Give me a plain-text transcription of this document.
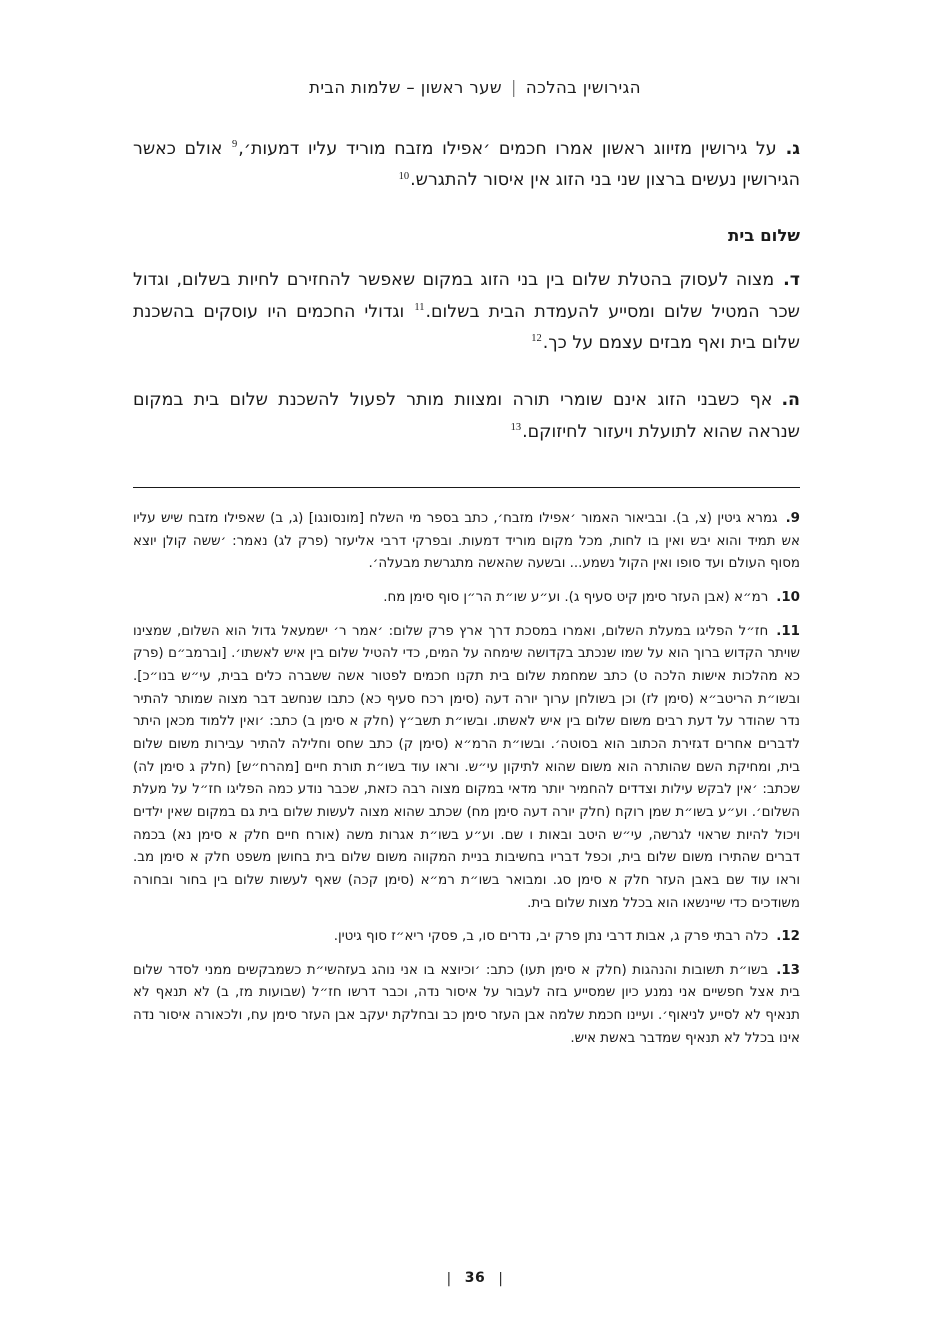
הגירושין בהלכה|שער ראשון – שלמות הבית

ג.על גירושין מזיווג ראשון אמרו חכמים ׳אפילו מזבח מוריד עליו דמעות׳,$^9$ אולם כאשר הגירושין נעשים ברצון שני בני הזוג אין איסור להתגרש.$^{10}$

שלום בית

ד.מצוה לעסוק בהטלת שלום בין בני הזוג במקום שאפשר להחזירם לחיות בשלום, וגדול שכר המטיל שלום ומסייע להעמדת הבית בשלום.$^{11}$ וגדולי החכמים היו עוסקים בהשכנת שלום בית ואף מבזים עצמם על כך.$^{12}$

ה.אף כשבני הזוג אינם שומרי תורה ומצוות מותר לפעול להשכנת שלום בית במקום שנראה שהוא לתועלת ויעזור לחיזוקם.$^{13}$

9.גמרא גיטין (צ, ב). ובביאור האמור ׳אפילו מזבח׳, כתב בספר מי השלח [מונסונגו] (ג, ב) שאפילו מזבח שיש עליו אש תמיד והוא יבש ואין בו לחות, מכל מקום מוריד דמעות. ובפרקי דרבי אליעזר (פרק לג) נאמר: ׳ששה קולן יוצא מסוף העולם ועד סופו ואין הקול נשמע... ובשעה שהאשה מתגרשת מבעלה׳.

10.רמ״א (אבן העזר סימן קיט סעיף ג). וע״ע שו״ת הר״ן סוף סימן מח.

11.חז״ל הפליגו במעלת השלום, ואמרו במסכת דרך ארץ פרק שלום: ׳אמר ר׳ ישמעאל גדול הוא השלום, שמצינו שויתר הקדוש ברוך הוא על שמו שנכתב בקדושה שימחה על המים, כדי להטיל שלום בין איש לאשתו׳. [וברמב״ם (פרק כא מהלכות אישות הלכה ט) כתב שמחמת שלום בית תקנו חכמים לפטור אשה ששברה כלים בבית, עי״ש בנו״כ]. ובשו״ת הריטב״א (סימן לז) וכן בשולחן ערוך יורה דעה (סימן רכח סעיף כא) כתבו שנחשב דבר מצוה שמותר להתיר נדר שהודר על דעת רבים משום שלום בין איש לאשתו. ובשו״ת תשב״ץ (חלק א סימן ב) כתב: ׳ואין ללמוד מכאן היתר לדברים אחרים דגזירת הכתוב הוא בסוטה׳. ובשו״ת הרמ״א (סימן ק) כתב שחס וחלילה להתיר עבירות משום שלום בית, ומחיקת השם שהותרה הוא משום שהוא לתיקון עי״ש. וראו עוד בשו״ת תורת חיים [מהרח״ש] (חלק ג סימן לה) שכתב: ׳אין לבקש עילות וצדדים להחמיר יותר מדאי במקום מצוה רבה כזאת, שכבר נודע כמה הפליגו חז״ל על מעלת השלום׳. וע״ע בשו״ת שמן רוקח (חלק יורה דעה סימן מח) שכתב שהוא מצוה לעשות שלום בית גם במקום שאין ילדים ויכול להיות שראוי לגרשה, עי״ש היטב ובאות ו שם. וע״ע בשו״ת אגרות משה (אורח חיים חלק א סימן נא) בכמה דברים שהתירו משום שלום בית, וכפל דבריו בחשיבות בניית המקווה משום שלום בית בחושן משפט חלק א סימן מב. וראו עוד שם באבן העזר חלק א סימן סג. ומבואר בשו״ת רמ״א (סימן קכה) שאף לעשות שלום בין בחור ובחורה משודכים כדי שיינשאו הוא בכלל מצות שלום בית.

12.כלה רבתי פרק ג, אבות דרבי נתן פרק יב, נדרים סו, ב, פסקי ריא״ז סוף גיטין.

13.בשו״ת תשובות והנהגות (חלק א סימן תעו) כתב: ׳וכיוצא בו אני נוהג בעזהשי״ת כשמבקשים ממני לסדר שלום בית אצל חפשיים אני נמנע כיון שמסייע בזה לעבור על איסור נדה, וכבר דרשו חז״ל (שבועות מז, ב) לא תנאף לא תנאיף לא לסייע לניאוף׳. ועיינו חכמת שלמה אבן העזר סימן כב ובחלקת יעקב אבן העזר סימן עח, ולכאורה איסור נדה אינו בכלל לא תנאיף שמדבר באשת איש.

| 36 |
